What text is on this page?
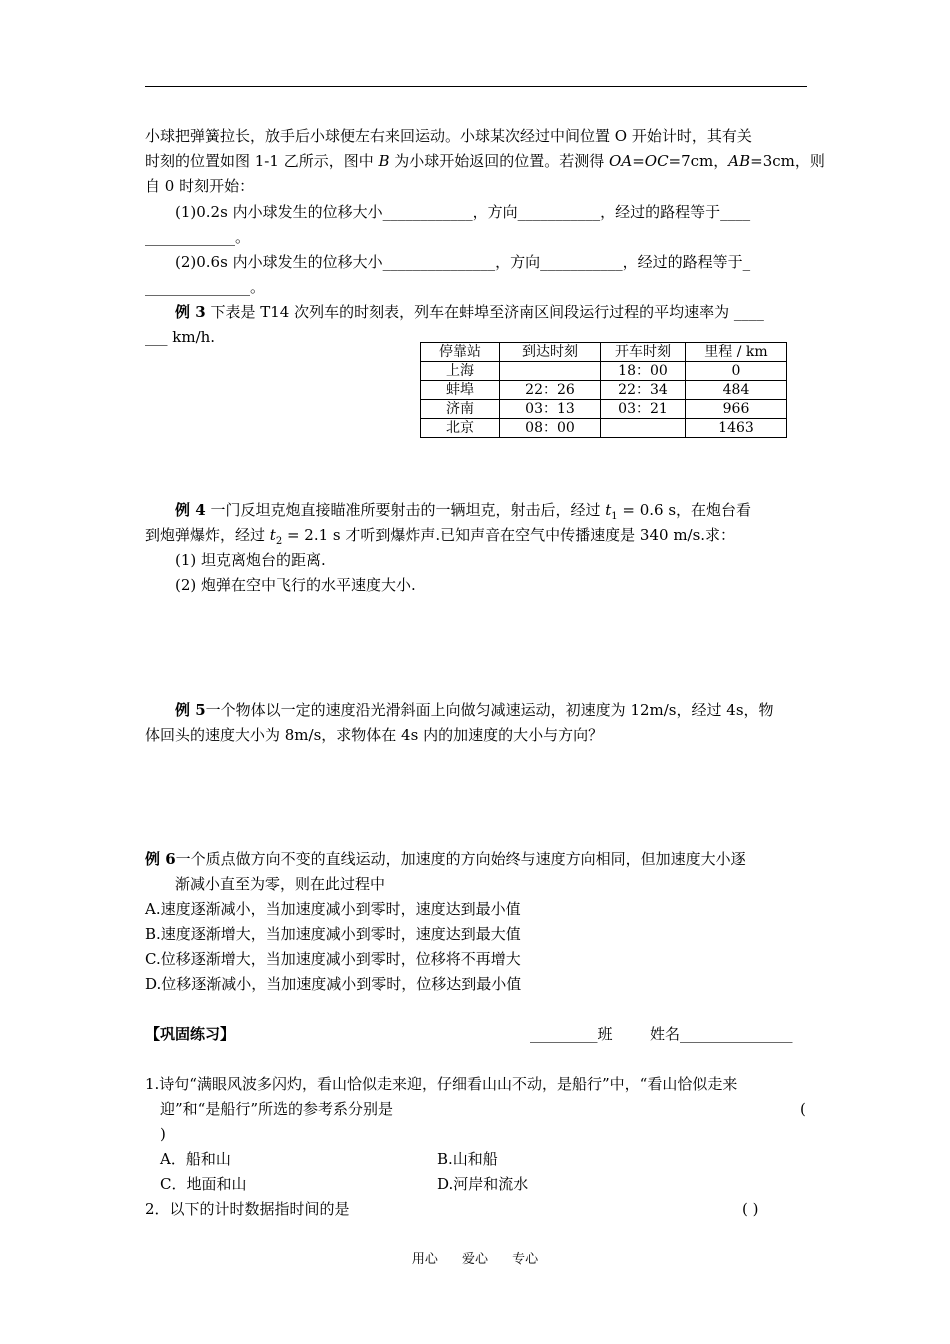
小球把弹簧拉长，放手后小球便左右来回运动。小球某次经过中间位置 O 开始计时，其有关
时刻的位置如图 1-1 乙所示，图中 B 为小球开始返回的位置。若测得 OA=OC=7cm，AB=3cm，则
自 0 时刻开始：
(1)0.2s 内小球发生的位移大小____________，方向___________，经过的路程等于____
____________。
(2)0.6s 内小球发生的位移大小_______________，方向___________，经过的路程等于_
______________。
例 3 下表是 T14 次列车的时刻表，列车在蚌埠至济南区间段运行过程的平均速率为 ____
___ km/h.
停靠站	到达时刻	开车时刻	里程 / km
上海		18：00	0
蚌埠	22：26	22：34	484
济南	03：13	03：21	966
北京	08：00		1463
例 4 一门反坦克炮直接瞄准所要射击的一辆坦克，射击后，经过 $t_1 = 0.6$ s，在炮台看
到炮弹爆炸，经过 $t_2 = 2.1$ s 才听到爆炸声.已知声音在空气中传播速度是 340 m/s.求：
(1) 坦克离炮台的距离.
(2) 炮弹在空中飞行的水平速度大小.
例 5一个物体以一定的速度沿光滑斜面上向做匀减速运动，初速度为 12m/s，经过 4s，物
体回头的速度大小为 8m/s，求物体在 4s 内的加速度的大小与方向？
例 6一个质点做方向不变的直线运动，加速度的方向始终与速度方向相同，但加速度大小逐
渐减小直至为零，则在此过程中
A.速度逐渐减小，当加速度减小到零时，速度达到最小值
B.速度逐渐增大，当加速度减小到零时，速度达到最大值
C.位移逐渐增大，当加速度减小到零时，位移将不再增大
D.位移逐渐减小，当加速度减小到零时，位移达到最小值
【巩固练习】	_________班 姓名_______________
1.诗句“满眼风波多闪灼，看山恰似走来迎，仔细看山山不动，是船行”中，“看山恰似走来
迎”和“是船行”所选的参考系分别是	(
)
A．船和山	B.山和船
C．地面和山	D.河岸和流水
2．以下的计时数据指时间的是	( )
用心 爱心 专心
